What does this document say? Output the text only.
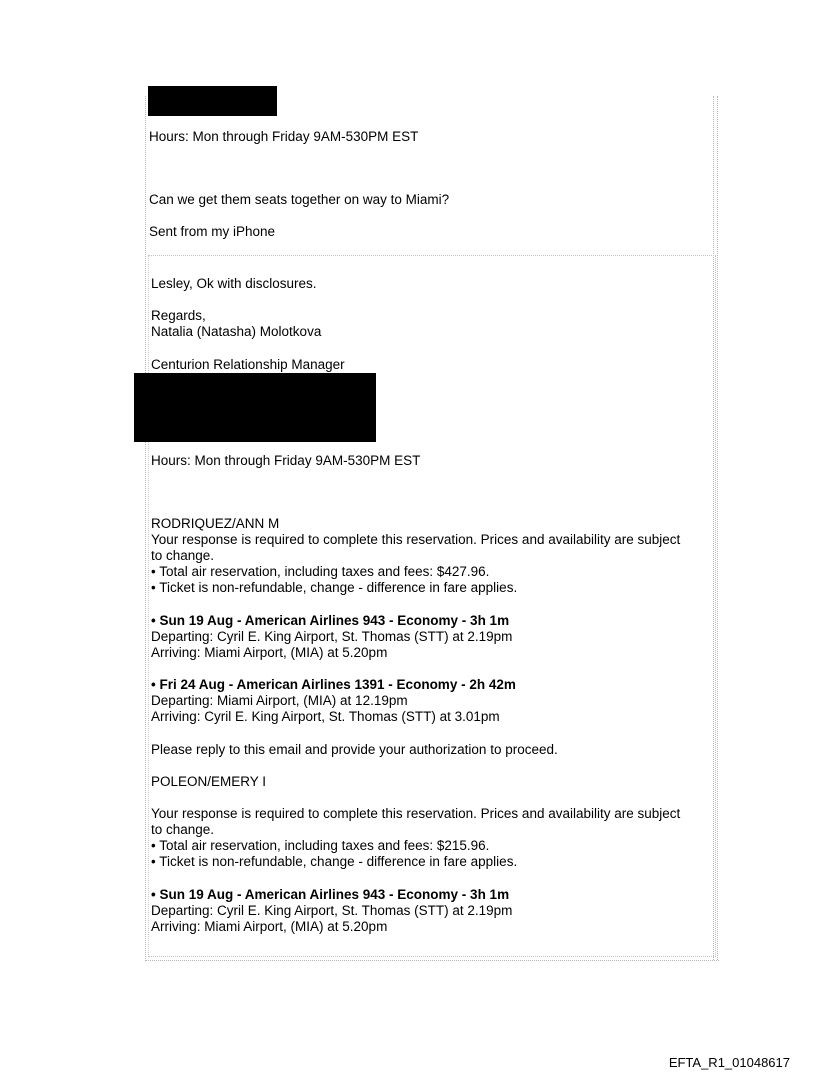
Hours: Mon through Friday 9AM-530PM EST
Can we get them seats together on way to Miami?
Sent from my iPhone
Lesley, Ok with disclosures.
Regards,
Natalia (Natasha) Molotkova
Centurion Relationship Manager
Hours: Mon through Friday 9AM-530PM EST
RODRIQUEZ/ANN M
Your response is required to complete this reservation. Prices and availability are subject
to change.
• Total air reservation, including taxes and fees: $427.96.
• Ticket is non-refundable, change - difference in fare applies.
• Sun 19 Aug - American Airlines 943 - Economy - 3h 1m
Departing: Cyril E. King Airport, St. Thomas (STT) at 2.19pm
Arriving: Miami Airport, (MIA) at 5.20pm
• Fri 24 Aug - American Airlines 1391 - Economy - 2h 42m
Departing: Miami Airport, (MIA) at 12.19pm
Arriving: Cyril E. King Airport, St. Thomas (STT) at 3.01pm
Please reply to this email and provide your authorization to proceed.
POLEON/EMERY I
Your response is required to complete this reservation. Prices and availability are subject
to change.
• Total air reservation, including taxes and fees: $215.96.
• Ticket is non-refundable, change - difference in fare applies.
• Sun 19 Aug - American Airlines 943 - Economy - 3h 1m
Departing: Cyril E. King Airport, St. Thomas (STT) at 2.19pm
Arriving: Miami Airport, (MIA) at 5.20pm
EFTA_R1_01048617
